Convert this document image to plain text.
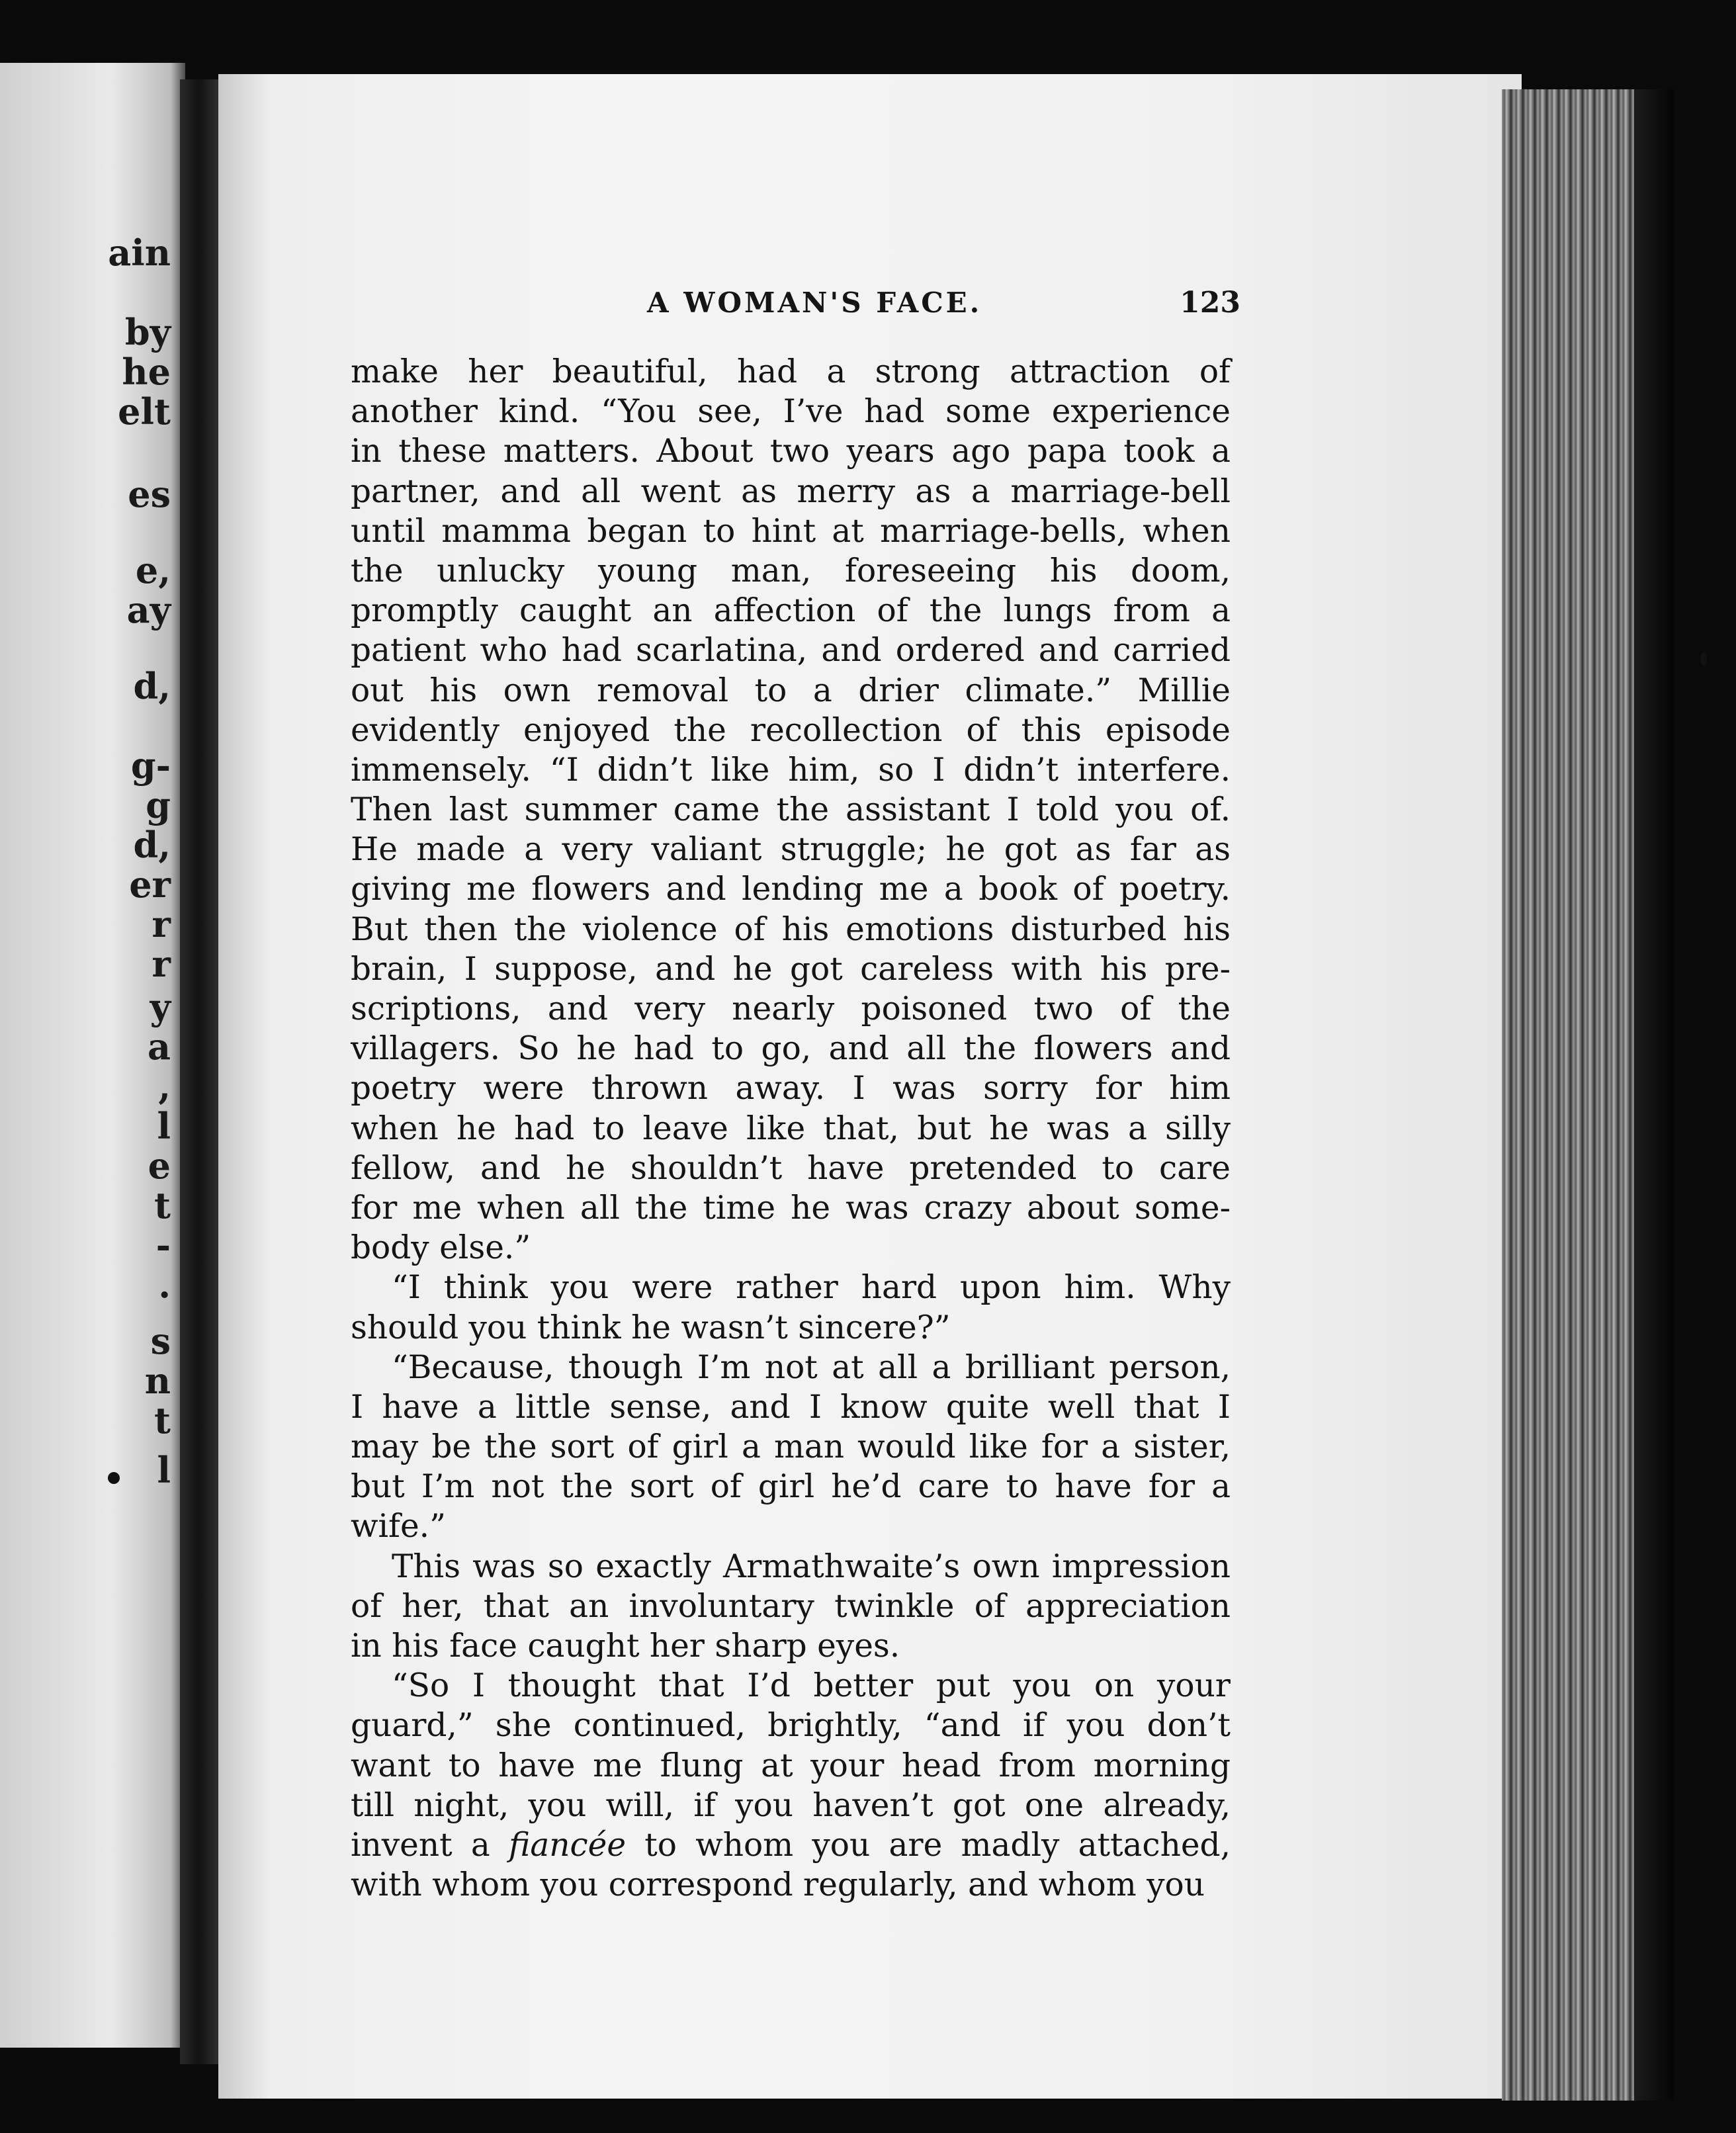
ain
by
he
elt
es
e,
ay
d,
g-
g
d,
er
r
r
y
a
,
l
e
t
-
.
s
n
t
l
A WOMAN'S FACE.	123
make her beautiful, had a strong attraction of
another kind. “You see, I’ve had some experience
in these matters. About two years ago papa took a
partner, and all went as merry as a marriage-bell
until mamma began to hint at marriage-bells, when
the unlucky young man, foreseeing his doom,
promptly caught an affection of the lungs from a
patient who had scarlatina, and ordered and carried
out his own removal to a drier climate.” Millie
evidently enjoyed the recollection of this episode
immensely. “I didn’t like him, so I didn’t interfere.
Then last summer came the assistant I told you of.
He made a very valiant struggle; he got as far as
giving me flowers and lending me a book of poetry.
But then the violence of his emotions disturbed his
brain, I suppose, and he got careless with his pre-
scriptions, and very nearly poisoned two of the
villagers. So he had to go, and all the flowers and
poetry were thrown away. I was sorry for him
when he had to leave like that, but he was a silly
fellow, and he shouldn’t have pretended to care
for me when all the time he was crazy about some-
body else.”
“I think you were rather hard upon him. Why
should you think he wasn’t sincere?”
“Because, though I’m not at all a brilliant person,
I have a little sense, and I know quite well that I
may be the sort of girl a man would like for a sister,
but I’m not the sort of girl he’d care to have for a
wife.”
This was so exactly Armathwaite’s own impression
of her, that an involuntary twinkle of appreciation
in his face caught her sharp eyes.
“So I thought that I’d better put you on your
guard,” she continued, brightly, “and if you don’t
want to have me flung at your head from morning
till night, you will, if you haven’t got one already,
invent a fiancée to whom you are madly attached,
with whom you correspond regularly, and whom you
